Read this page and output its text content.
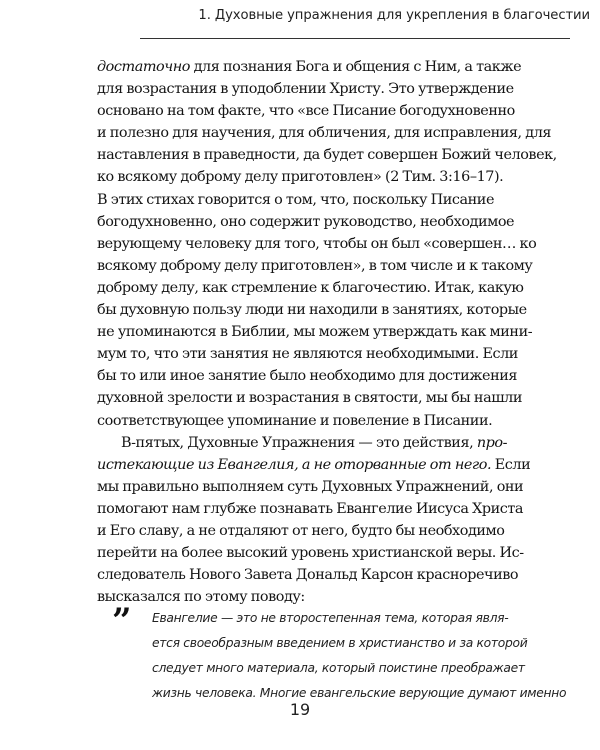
1. Духовные упражнения для укрепления в благочестии
достаточно для познания Бога и общения с Ним, а также
для возрастания в уподоблении Христу. Это утверждение
основано на том факте, что «все Писание богодухновенно
и полезно для научения, для обличения, для исправления, для
наставления в праведности, да будет совершен Божий человек,
ко всякому доброму делу приготовлен» (2 Тим. 3:16–17).
В этих стихах говорится о том, что, поскольку Писание
богодухновенно, оно содержит руководство, необходимое
верующему человеку для того, чтобы он был «совершен… ко
всякому доброму делу приготовлен», в том числе и к такому
доброму делу, как стремление к благочестию. Итак, какую
бы духовную пользу люди ни находили в занятиях, которые
не упоминаются в Библии, мы можем утверждать как мини-
мум то, что эти занятия не являются необходимыми. Если
бы то или иное занятие было необходимо для достижения
духовной зрелости и возрастания в святости, мы бы нашли
соответствующее упоминание и повеление в Писании.
В-пятых, Духовные Упражнения — это действия, про-
истекающие из Евангелия, а не оторванные от него. Если
мы правильно выполняем суть Духовных Упражнений, они
помогают нам глубже познавать Евангелие Иисуса Христа
и Его славу, а не отдаляют от него, будто бы необходимо
перейти на более высокий уровень христианской веры. Ис-
следователь Нового Завета Дональд Карсон красноречиво
высказался по этому поводу:
” Евангелие — это не второстепенная тема, которая явля-
ется своеобразным введением в христианство и за которой
следует много материала, который поистине преображает
жизнь человека. Многие евангельские верующие думают именно
19
